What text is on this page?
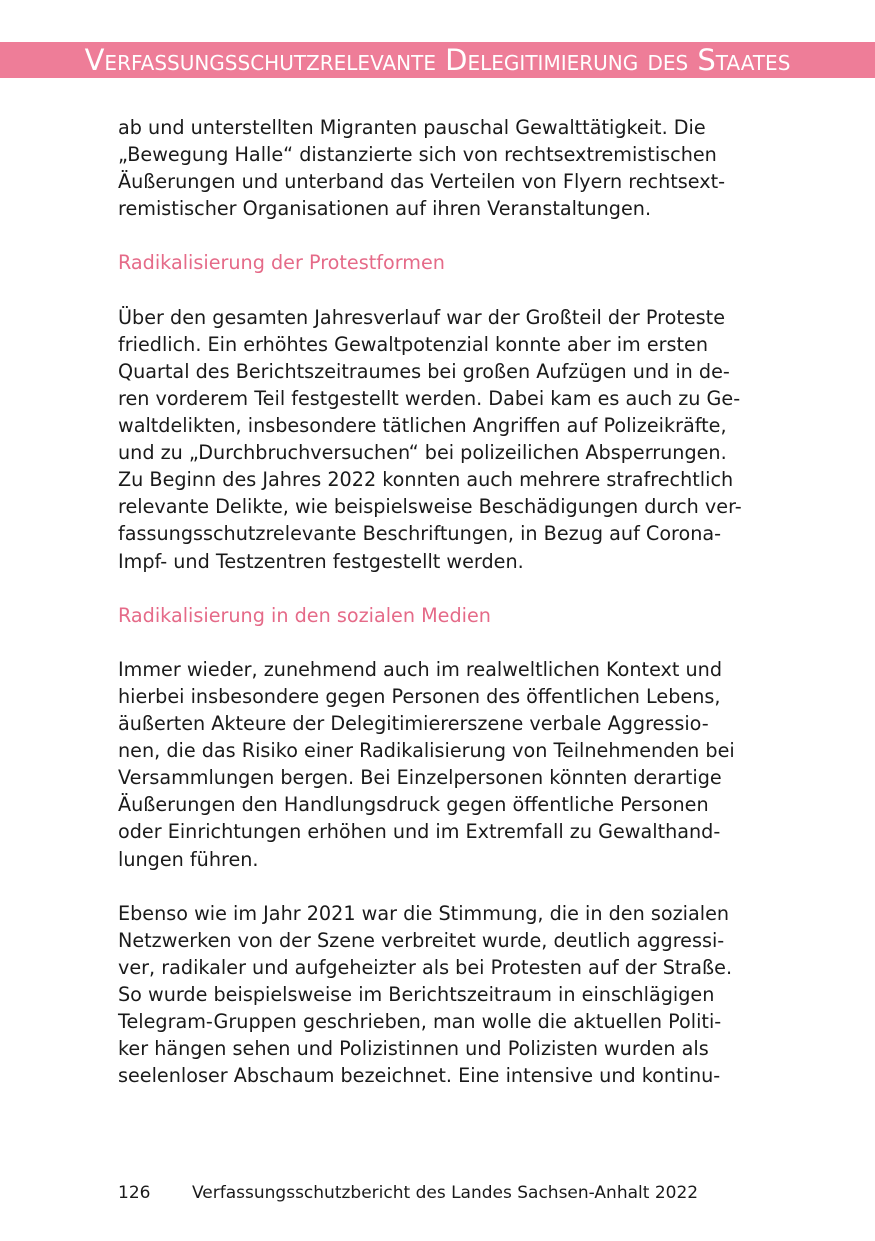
Verfassungsschutzrelevante Delegitimierung des Staates

ab und unterstellten Migranten pauschal Gewalttätigkeit. Die
„Bewegung Halle“ distanzierte sich von rechtsextremistischen
Äußerungen und unterband das Verteilen von Flyern rechtsext-
remistischer Organisationen auf ihren Veranstaltungen.

Radikalisierung der Protestformen

Über den gesamten Jahresverlauf war der Großteil der Proteste
friedlich. Ein erhöhtes Gewaltpotenzial konnte aber im ersten
Quartal des Berichtszeitraumes bei großen Aufzügen und in de-
ren vorderem Teil festgestellt werden. Dabei kam es auch zu Ge-
waltdelikten, insbesondere tätlichen Angriffen auf Polizeikräfte,
und zu „Durchbruchversuchen“ bei polizeilichen Absperrungen.
Zu Beginn des Jahres 2022 konnten auch mehrere strafrechtlich
relevante Delikte, wie beispielsweise Beschädigungen durch ver-
fassungsschutzrelevante Beschriftungen, in Bezug auf Corona-
Impf- und Testzentren festgestellt werden.

Radikalisierung in den sozialen Medien

Immer wieder, zunehmend auch im realweltlichen Kontext und
hierbei insbesondere gegen Personen des öffentlichen Lebens,
äußerten Akteure der Delegitimiererszene verbale Aggressio-
nen, die das Risiko einer Radikalisierung von Teilnehmenden bei
Versammlungen bergen. Bei Einzelpersonen könnten derartige
Äußerungen den Handlungsdruck gegen öffentliche Personen
oder Einrichtungen erhöhen und im Extremfall zu Gewalthand-
lungen führen.

Ebenso wie im Jahr 2021 war die Stimmung, die in den sozialen
Netzwerken von der Szene verbreitet wurde, deutlich aggressi-
ver, radikaler und aufgeheizter als bei Protesten auf der Straße.
So wurde beispielsweise im Berichtszeitraum in einschlägigen
Telegram-Gruppen geschrieben, man wolle die aktuellen Politi-
ker hängen sehen und Polizistinnen und Polizisten wurden als
seelenloser Abschaum bezeichnet. Eine intensive und kontinu-

126 Verfassungsschutzbericht des Landes Sachsen-Anhalt 2022
